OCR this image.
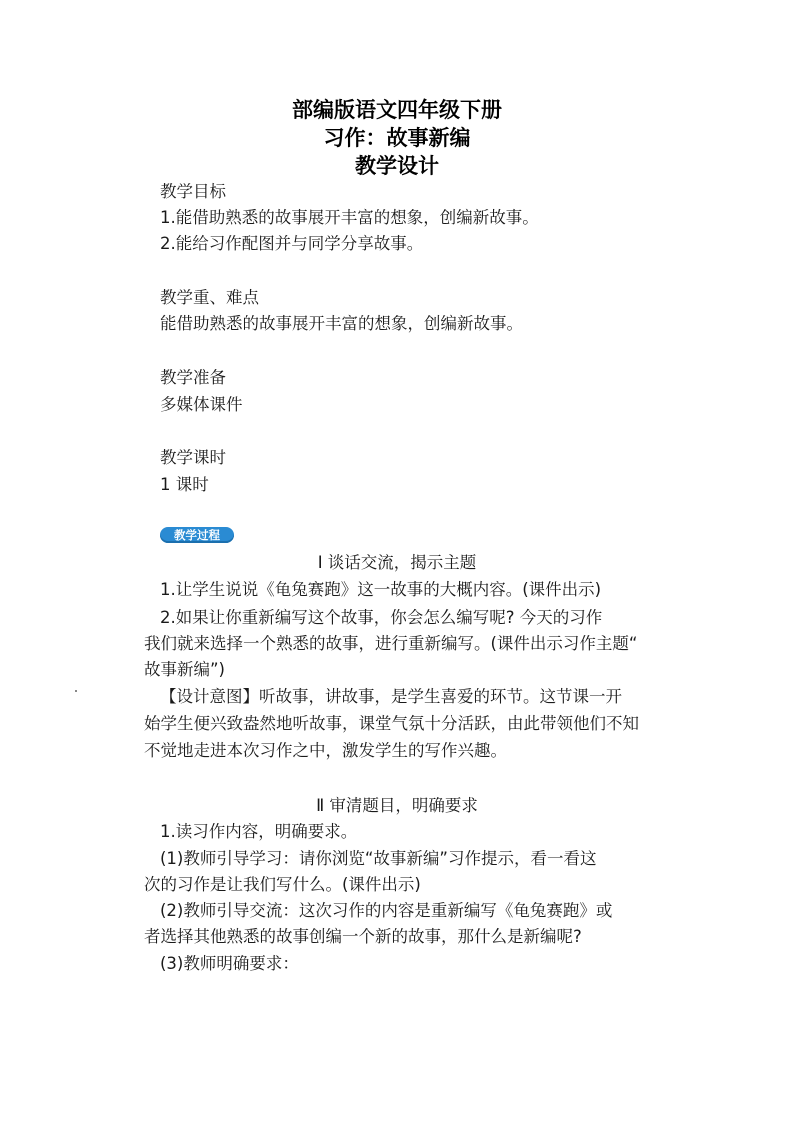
部编版语文四年级下册
习作：故事新编
教学设计
教学目标
1.能借助熟悉的故事展开丰富的想象，创编新故事。
2.能给习作配图并与同学分享故事。
教学重、难点
能借助熟悉的故事展开丰富的想象，创编新故事。
教学准备
多媒体课件
教学课时
1 课时
教学过程
Ⅰ 谈话交流，揭示主题
1.让学生说说《龟兔赛跑》这一故事的大概内容。(课件出示)
2.如果让你重新编写这个故事，你会怎么编写呢? 今天的习作
我们就来选择一个熟悉的故事，进行重新编写。(课件出示习作主题“
故事新编”)
【设计意图】听故事，讲故事，是学生喜爱的环节。这节课一开
始学生便兴致盎然地听故事，课堂气氛十分活跃，由此带领他们不知
不觉地走进本次习作之中，激发学生的写作兴趣。
Ⅱ 审清题目，明确要求
1.读习作内容，明确要求。
(1)教师引导学习：请你浏览“故事新编”习作提示，看一看这
次的习作是让我们写什么。(课件出示)
(2)教师引导交流：这次习作的内容是重新编写《龟兔赛跑》或
者选择其他熟悉的故事创编一个新的故事，那什么是新编呢?
(3)教师明确要求：
